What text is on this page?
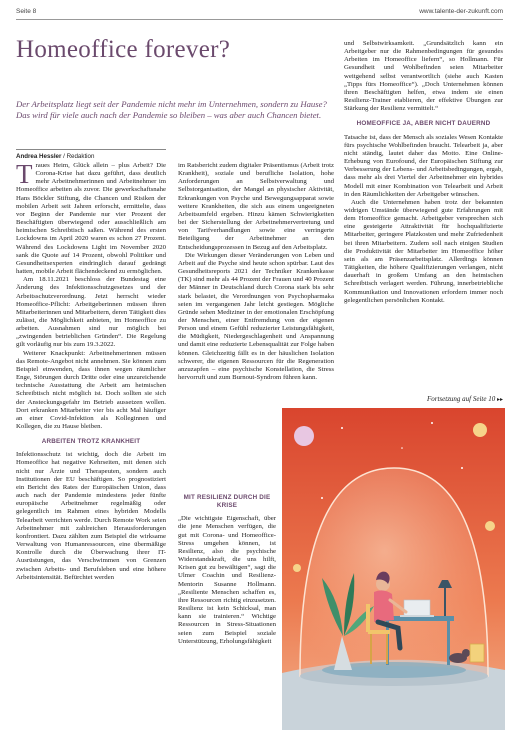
Seite 8	www.talente-der-zukunft.com
Homeoffice forever?
Der Arbeitsplatz liegt seit der Pandemie nicht mehr im Unternehmen, sondern zu Hause? Das wird für viele auch nach der Pandemie so bleiben – was aber auch Chancen bietet.
Andrea Hessler / Redaktion

Traues Heim, Glück allein – plus Arbeit? Die Corona-Krise hat dazu geführt, dass deutlich mehr Arbeitnehmerinnen und Arbeitnehmer im Homeoffice arbeiten als zuvor. Die gewerkschaftsnahe Hans Böckler Stiftung, die Chancen und Risiken der mobilen Arbeit seit Jahren erforscht, ermittelte, dass vor Beginn der Pandemie nur vier Prozent der Beschäftigten überwiegend oder ausschließlich am heimischen Schreibtisch saßen. Während des ersten Lockdowns im April 2020 waren es schon 27 Prozent. Während des Lockdowns Light im November 2020 sank die Quote auf 14 Prozent, obwohl Politiker und Gesundheitsexperten eindringlich darauf gedrängt hatten, mobile Arbeit flächendeckend zu ermöglichen.

Am 18.11.2021 beschloss der Bundestag eine Änderung des Infektionsschutzgesetzes und der Arbeitsschutzverordnung. Jetzt herrscht wieder Homeoffice-Pflicht: Arbeitgeberinnen müssen ihren Mitarbeiterinnen und Mitarbeitern, deren Tätigkeit dies zulässt, die Möglichkeit anbieten, im Homeoffice zu arbeiten. Ausnahmen sind nur möglich bei „zwingenden betrieblichen Gründen“. Die Regelung gilt vorläufig nur bis zum 19.3.2022.

Weiterer Knackpunkt: Arbeitnehmerinnen müssen das Remote-Angebot nicht annehmen. Sie können zum Beispiel einwenden, dass ihnen wegen räumlicher Enge, Störungen durch Dritte oder eine unzureichende technische Ausstattung die Arbeit am heimischen Schreibtisch nicht möglich ist. Doch sollten sie sich der Ansteckungsgefahr im Betrieb aussetzen wollen. Dort erkranken Mitarbeiter vier bis acht Mal häufiger an einer Covid-Infektion als Kolleginnen und Kollegen, die zu Hause bleiben.

ARBEITEN TROTZ KRANKHEIT

Infektionsschutz ist wichtig, doch die Arbeit im Homeoffice hat negative Kehrseiten, mit denen sich nicht nur Ärzte und Therapeuten, sondern auch Institutionen der EU beschäftigen. So prognostiziert ein Bericht des Rates der Europäischen Union, dass auch nach der Pandemie mindestens jeder fünfte europäische Arbeitnehmer regelmäßig oder gelegentlich im Rahmen eines hybriden Modells Telearbeit verrichten werde. Durch Remote Work seien Arbeitnehmer mit zahlreichen Herausforderungen konfrontiert. Dazu zählten zum Beispiel die wirksame Verwaltung von Humanressourcen, eine übermäßige Kontrolle durch die Überwachung ihrer IT-Ausrüstungen, das Verschwimmen von Grenzen zwischen Arbeits- und Berufsleben und eine höhere Arbeitsintensität. Befürchtet werden

im Ratsbericht zudem digitaler Präsentismus (Arbeit trotz Krankheit), soziale und berufliche Isolation, hohe Anforderungen an Selbstverwaltung und Selbstorganisation, der Mangel an physischer Aktivität, Erkrankungen von Psyche und Bewegungsapparat sowie weitere Krankheiten, die sich aus einem ungeeigneten Arbeitsumfeld ergeben. Hinzu kämen Schwierigkeiten bei der Sicherstellung der Arbeitnehmervertretung und von Tarifverhandlungen sowie eine verringerte Beteiligung der Arbeitnehmer an den Entscheidungsprozessen in Bezug auf den Arbeitsplatz.

Die Wirkungen dieser Veränderungen von Leben und Arbeit auf die Psyche sind heute schon spürbar. Laut des Gesundheitsreports 2021 der Techniker Krankenkasse (TK) sind mehr als 44 Prozent der Frauen und 40 Prozent der Männer in Deutschland durch Corona stark bis sehr stark belastet, die Verordnungen von Psychopharmaka seien im vergangenen Jahr leicht gestiegen. Mögliche Gründe sehen Mediziner in der emotionalen Erschöpfung der Menschen, einer Entfremdung von der eigenen Person und einem Gefühl reduzierter Leistungsfähigkeit, die Müdigkeit, Niedergeschlagenheit und Anspannung und damit eine reduzierte Lebensqualität zur Folge haben können. Gleichzeitig fällt es in der häuslichen Isolation schwerer, die eigenen Ressourcen für die Regeneration anzuzapfen – eine psychische Konstellation, die Stress hervorruft und zum Burnout-Syndrom führen kann.

MIT RESILIENZ DURCH DIE KRISE

„Die wichtigste Eigenschaft, über die jene Menschen verfügen, die gut mit Corona- und Homeoffice-Stress umgehen können, ist Resilienz, also die psychische Widerstandskraft, die uns hilft, Krisen gut zu bewältigen“, sagt die Ulmer Coachin und Resilienz-Mentorin Susanne Hollmann. „Resiliente Menschen schaffen es, ihre Ressourcen richtig einzusetzen. Resilienz ist kein Schicksal, man kann sie trainieren.“ Wichtige Ressourcen in Stress-Situationen seien zum Beispiel soziale Unterstützung, Erholungsfähigkeit

und Selbstwirksamkeit. „Grundsätzlich kann ein Arbeitgeber nur die Rahmenbedingungen für gesundes Arbeiten im Homeoffice liefern“, so Hollmann. Für Gesundheit und Wohlbefinden seien Mitarbeiter weitgehend selbst verantwortlich (siehe auch Kasten „Tipps fürs Homeoffice“). „Doch Unternehmen können ihren Beschäftigten helfen, etwa indem sie einen Resilienz-Trainer etablieren, der effektive Übungen zur Stärkung der Resilienz vermittelt.“

HOMEOFFICE JA, ABER NICHT DAUERND

Tatsache ist, dass der Mensch als soziales Wesen Kontakte fürs psychische Wohlbefinden braucht. Telearbeit ja, aber nicht ständig, lautet daher das Motto. Eine Online-Erhebung von Eurofound, der Europäischen Stiftung zur Verbesserung der Lebens- und Arbeitsbedingungen, ergab, dass mehr als drei Viertel der Arbeitnehmer ein hybrides Modell mit einer Kombination von Telearbeit und Arbeit in den Räumlichkeiten der Arbeitgeber wünschen.

Auch die Unternehmen haben trotz der bekannten widrigen Umstände überwiegend gute Erfahrungen mit dem Homeoffice gemacht. Arbeitgeber versprechen sich eine gesteigerte Attraktivität für hochqualifizierte Mitarbeiter, geringere Platzkosten und mehr Zufriedenheit bei ihren Mitarbeitern. Zudem soll nach einigen Studien die Produktivität der Mitarbeiter im Homeoffice höher sein als am Präsenzarbeitsplatz. Allerdings können Tätigkeiten, die höhere Qualifizierungen verlangen, nicht dauerhaft in großem Umfang an den heimischen Schreibtisch verlagert werden. Führung, innerbetriebliche Kommunikation und Innovationen erfordern immer noch gelegentlichen persönlichen Kontakt.

Fortsetzung auf Seite 10 ▸▸
